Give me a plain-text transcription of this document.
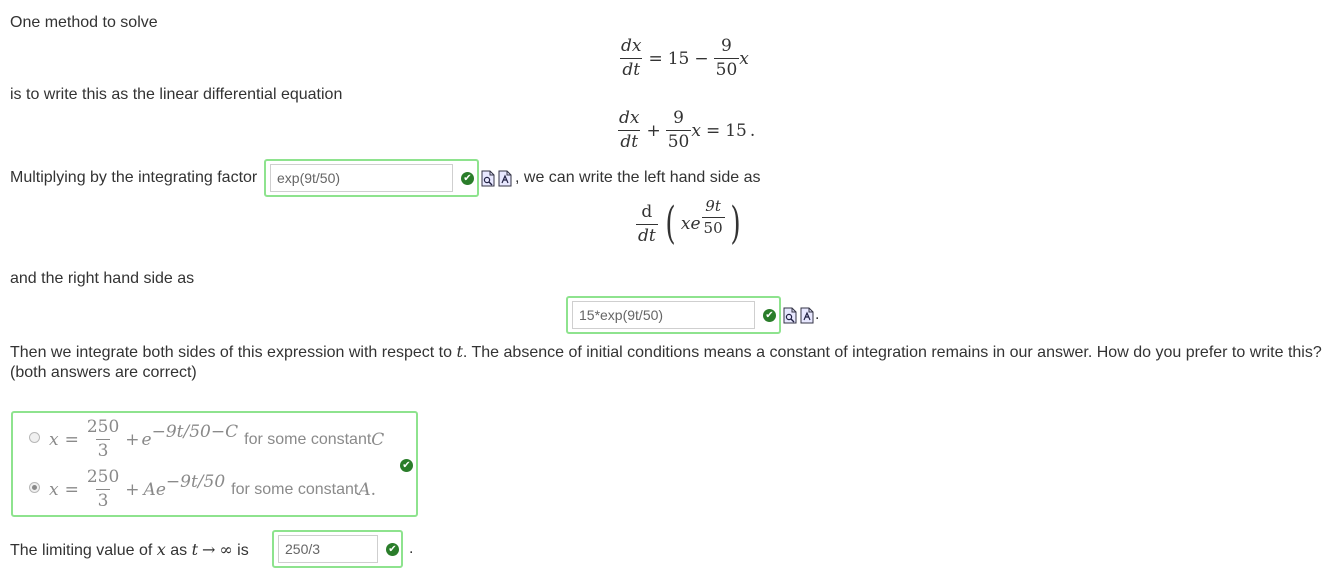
One method to solve
$\frac{dx}{dt} = 15 - \frac{9}{50}$ x
is to write this as the linear differential equation
$\frac{dx}{dt} + \frac{9}{50}$ x = 15 .
Multiplying by the integrating factor
exp(9t/50)	✔	, we can write the left hand side as
$\frac{d}{dt}$ ( x e $\frac{9t}{50}$ )
and the right hand side as
15*exp(9t/50)
✔	.
Then we integrate both sides of this expression with respect to t. The absence of initial conditions means a constant of integration remains in our answer. How do you prefer to write this?
(both answers are correct)
$x = \frac{250}{3} + e -9t/50-C$ for some constant C
$x = \frac{250}{3} + A$ e −9t/50 for some constant A .
✔
The limiting value of x as t → ∞ is
250/3	✔ .
